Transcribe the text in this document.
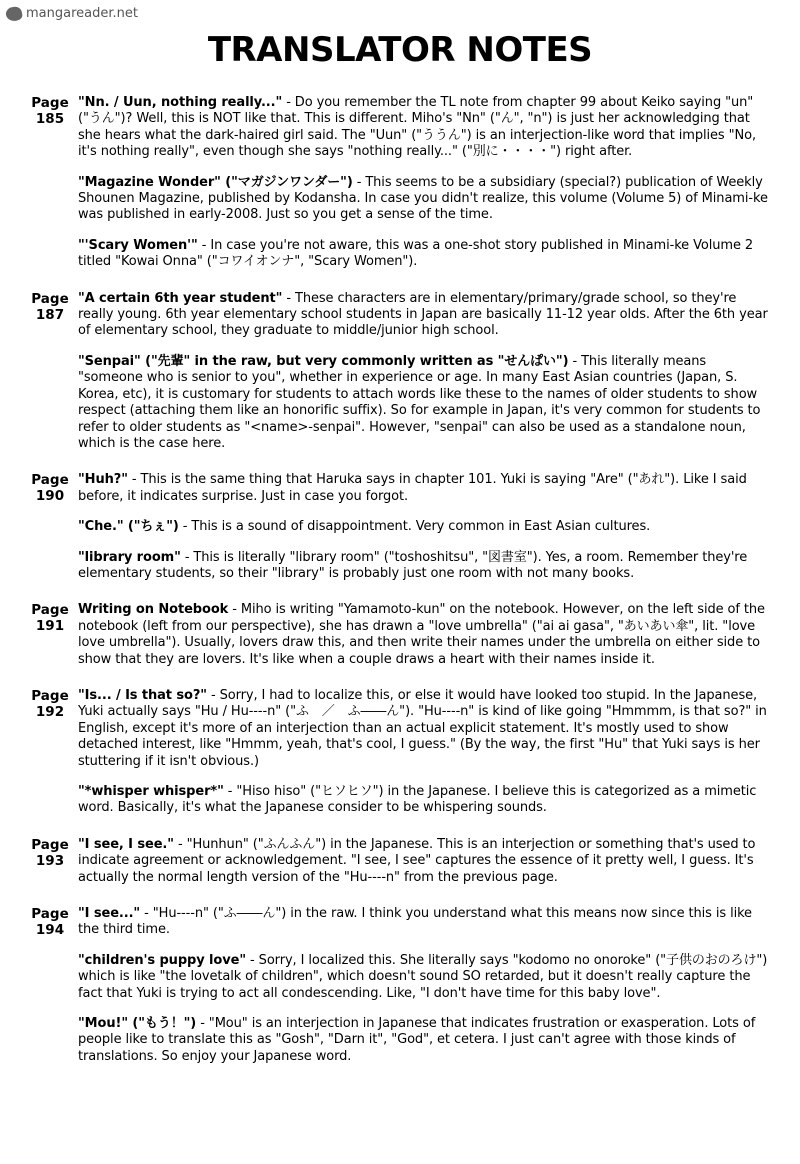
mangareader.net
TRANSLATOR NOTES
Page 185

"Nn. / Uun, nothing really..." - Do you remember the TL note from chapter 99 about Keiko saying "un" ("うん")? Well, this is NOT like that. This is different. Miho's "Nn" ("ん", "n") is just her acknowledging that she hears what the dark-haired girl said. The "Uun" ("ううん") is an interjection-like word that implies "No, it's nothing really", even though she says "nothing really..." ("別に・・・・") right after.

"Magazine Wonder" ("マガジンワンダー") - This seems to be a subsidiary (special?) publication of Weekly Shounen Magazine, published by Kodansha. In case you didn't realize, this volume (Volume 5) of Minami-ke was published in early-2008. Just so you get a sense of the time.

"'Scary Women'" - In case you're not aware, this was a one-shot story published in Minami-ke Volume 2 titled "Kowai Onna" ("コワイオンナ", "Scary Women").

Page 187

"A certain 6th year student" - These characters are in elementary/primary/grade school, so they're really young. 6th year elementary school students in Japan are basically 11-12 year olds. After the 6th year of elementary school, they graduate to middle/junior high school.

"Senpai" ("先輩" in the raw, but very commonly written as "せんぱい") - This literally means "someone who is senior to you", whether in experience or age. In many East Asian countries (Japan, S. Korea, etc), it is customary for students to attach words like these to the names of older students to show respect (attaching them like an honorific suffix). So for example in Japan, it's very common for students to refer to older students as "<name>-senpai". However, "senpai" can also be used as a standalone noun, which is the case here.

Page 190

"Huh?" - This is the same thing that Haruka says in chapter 101. Yuki is saying "Are" ("あれ"). Like I said before, it indicates surprise. Just in case you forgot.

"Che." ("ちぇ") - This is a sound of disappointment. Very common in East Asian cultures.

"library room" - This is literally "library room" ("toshoshitsu", "図書室"). Yes, a room. Remember they're elementary students, so their "library" is probably just one room with not many books.

Page 191

Writing on Notebook - Miho is writing "Yamamoto-kun" on the notebook. However, on the left side of the notebook (left from our perspective), she has drawn a "love umbrella" ("ai ai gasa", "あいあい傘", lit. "love love umbrella"). Usually, lovers draw this, and then write their names under the umbrella on either side to show that they are lovers. It's like when a couple draws a heart with their names inside it.

Page 192

"Is... / Is that so?" - Sorry, I had to localize this, or else it would have looked too stupid. In the Japanese, Yuki actually says "Hu / Hu----n" ("ふ　／　ふ――ん"). "Hu----n" is kind of like going "Hmmmm, is that so?" in English, except it's more of an interjection than an actual explicit statement. It's mostly used to show detached interest, like "Hmmm, yeah, that's cool, I guess." (By the way, the first "Hu" that Yuki says is her stuttering if it isn't obvious.)

"*whisper whisper*" - "Hiso hiso" ("ヒソヒソ") in the Japanese. I believe this is categorized as a mimetic word. Basically, it's what the Japanese consider to be whispering sounds.

Page 193

"I see, I see." - "Hunhun" ("ふんふん") in the Japanese. This is an interjection or something that's used to indicate agreement or acknowledgement. "I see, I see" captures the essence of it pretty well, I guess. It's actually the normal length version of the "Hu----n" from the previous page.

Page 194

"I see..." - "Hu----n" ("ふ――ん") in the raw. I think you understand what this means now since this is like the third time.

"children's puppy love" - Sorry, I localized this. She literally says "kodomo no onoroke" ("子供のおのろけ") which is like "the lovetalk of children", which doesn't sound SO retarded, but it doesn't really capture the fact that Yuki is trying to act all condescending. Like, "I don't have time for this baby love".

"Mou!" ("もう！") - "Mou" is an interjection in Japanese that indicates frustration or exasperation. Lots of people like to translate this as "Gosh", "Darn it", "God", et cetera. I just can't agree with those kinds of translations. So enjoy your Japanese word.
